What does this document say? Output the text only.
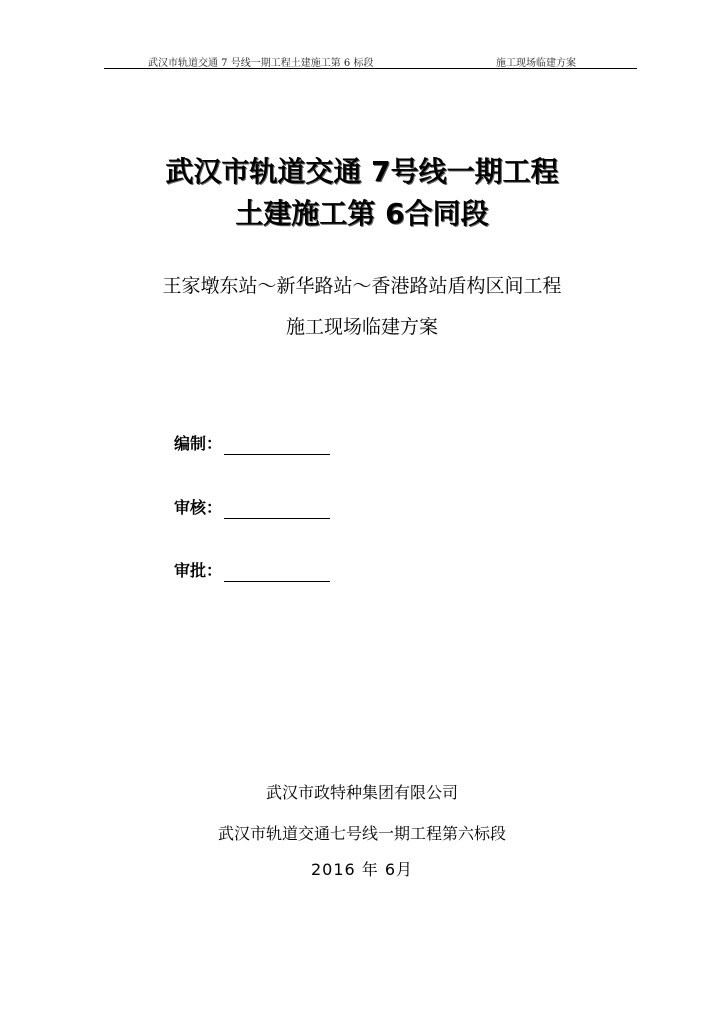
武汉市轨道交通 7 号线一期工程土建施工第 6 标段	施工现场临建方案
武汉市轨道交通 7号线一期工程
土建施工第 6合同段
王家墩东站～新华路站～香港路站盾构区间工程
施工现场临建方案
编制：
审核：
审批：
武汉市政特种集团有限公司
武汉市轨道交通七号线一期工程第六标段
2016 年 6月
